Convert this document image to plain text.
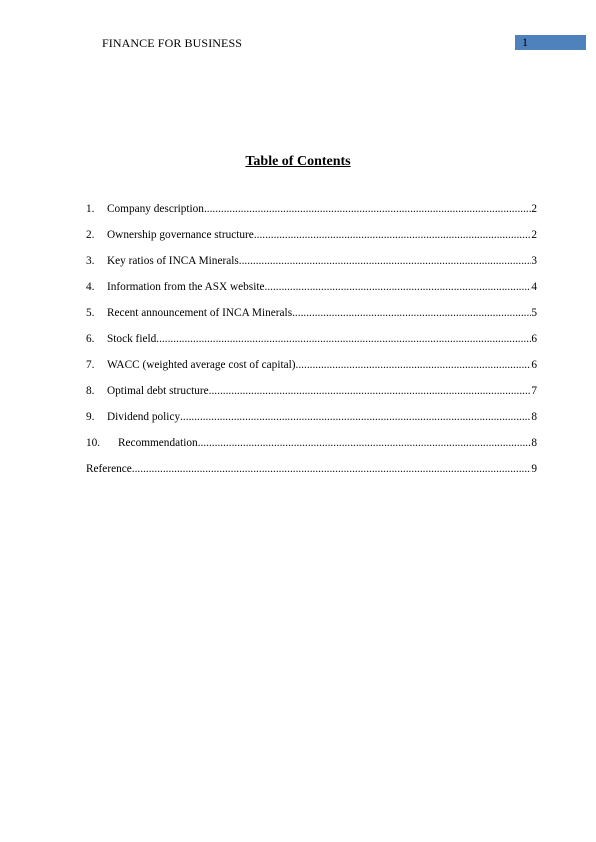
FINANCE FOR BUSINESS	1
Table of Contents
1.	Company description .....	2
2.	Ownership governance structure .....	2
3.	Key ratios of INCA Minerals .....	3
4.	Information from the ASX website .....	4
5.	Recent announcement of INCA Minerals .....	5
6.	Stock field .....	6
7.	WACC (weighted average cost of capital) .....	6
8.	Optimal debt structure .....	7
9.	Dividend policy .....	8
10.	Recommendation .....	8
Reference .....	9
